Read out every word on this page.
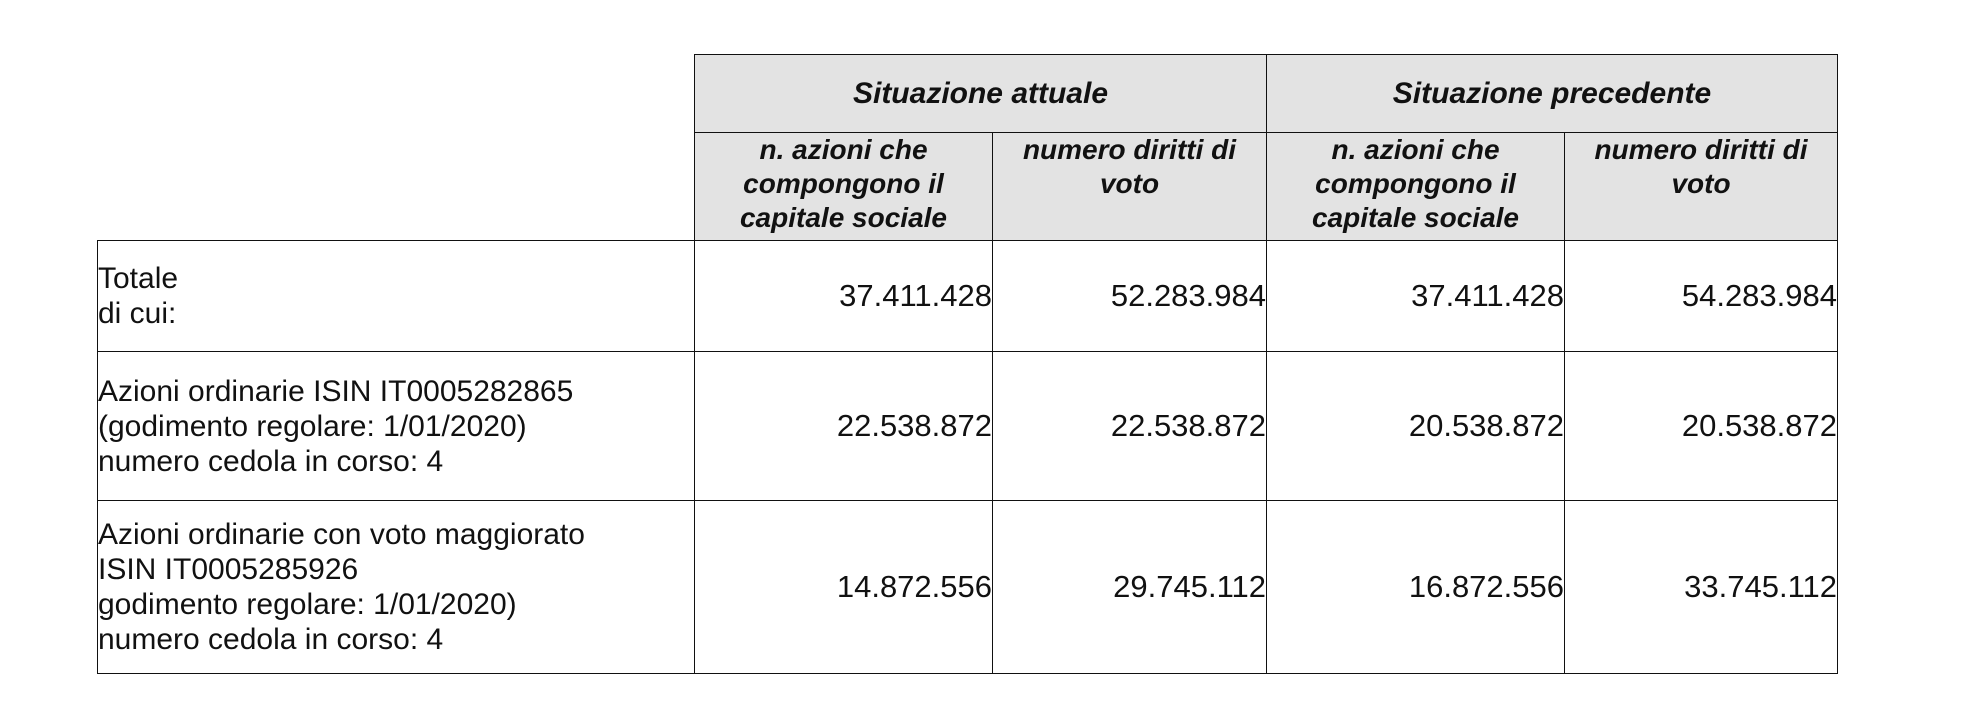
	Situazione attuale		Situazione precedente	
	n. azioni che compongono il capitale sociale	numero diritti di voto	n. azioni che compongono il capitale sociale	numero diritti di voto

Totale
di cui:	37.411.428	52.283.984	37.411.428	54.283.984

Azioni ordinarie ISIN IT0005282865
(godimento regolare: 1/01/2020)
numero cedola in corso: 4	22.538.872	22.538.872	20.538.872	20.538.872

Azioni ordinarie con voto maggiorato
ISIN IT0005285926
godimento regolare: 1/01/2020)
numero cedola in corso: 4	14.872.556	29.745.112	16.872.556	33.745.112
